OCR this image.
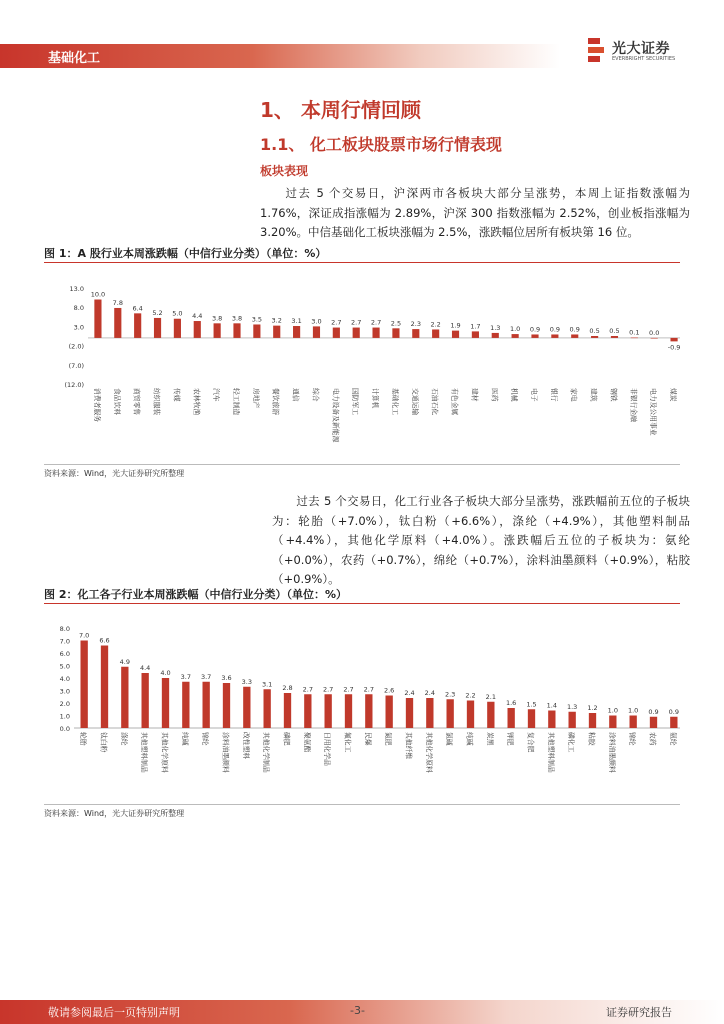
基础化工
光大证券
EVERBRIGHT SECURITIES
1、 本周行情回顾
1.1、 化工板块股票市场行情表现
板块表现
过去 5 个交易日，沪深两市各板块大部分呈涨势，本周上证指数涨幅为1.76%，深证成指涨幅为 2.89%，沪深 300 指数涨幅为 2.52%，创业板指涨幅为 3.20%。中信基础化工板块涨幅为 2.5%，涨跌幅位居所有板块第 16 位。
图 1：A 股行业本周涨跌幅（中信行业分类）（单位：%）
13.0
8.0
3.0
(2.0)
(7.0)
(12.0)
10.0
消费者服务
7.8
食品饮料
6.4
商贸零售
5.2
纺织服装
5.0
传媒
4.4
农林牧渔
3.8
汽车
3.8
轻工制造
3.5
房地产
3.2
餐饮旅游
3.1
通信
3.0
综合
2.7
电力设备及新能源
2.7
国防军工
2.7
计算机
2.5
基础化工
2.3
交通运输
2.2
石油石化
1.9
有色金属
1.7
建材
1.3
医药
1.0
机械
0.9
电子
0.9
银行
0.9
家电
0.5
建筑
0.5
钢铁
0.1
非银行金融
0.0
电力及公用事业
-0.9
煤炭
资料来源：Wind，光大证券研究所整理
过去 5 个交易日，化工行业各子板块大部分呈涨势，涨跌幅前五位的子板块为：轮胎（+7.0%），钛白粉（+6.6%），涤纶（+4.9%），其他塑料制品（+4.4%），其他化学原料（+4.0%）。涨跌幅后五位的子板块为：氨纶（+0.0%），农药（+0.7%），绵纶（+0.7%），涂料油墨颜料（+0.9%），粘胶（+0.9%）。
图 2：化工各子行业本周涨跌幅（中信行业分类）（单位：%）
8.0
7.0
6.0
5.0
4.0
3.0
2.0
1.0
0.0
7.0
轮胎
6.6
钛白粉
4.9
涤纶
4.4
其他塑料制品
4.0
其他化学原料
3.7
纯碱
3.7
锦纶
3.6
涂料油墨颜料
3.3
改性塑料
3.1
其他化学制品
2.8
磷肥
2.7
聚氨酯
2.7
日用化学品
2.7
氟化工
2.7
民爆
2.6
氮肥
2.4
其他纤维
2.4
其他化学原料
2.3
氯碱
2.2
纯碱
2.1
炭黑
1.6
钾肥
1.5
复合肥
1.4
其他塑料制品
1.3
磷化工
1.2
粘胶
1.0
涂料油墨颜料
1.0
锦纶
0.9
农药
0.9
氨纶
资料来源：Wind，光大证券研究所整理
敬请参阅最后一页特别声明	-3-	证券研究报告
